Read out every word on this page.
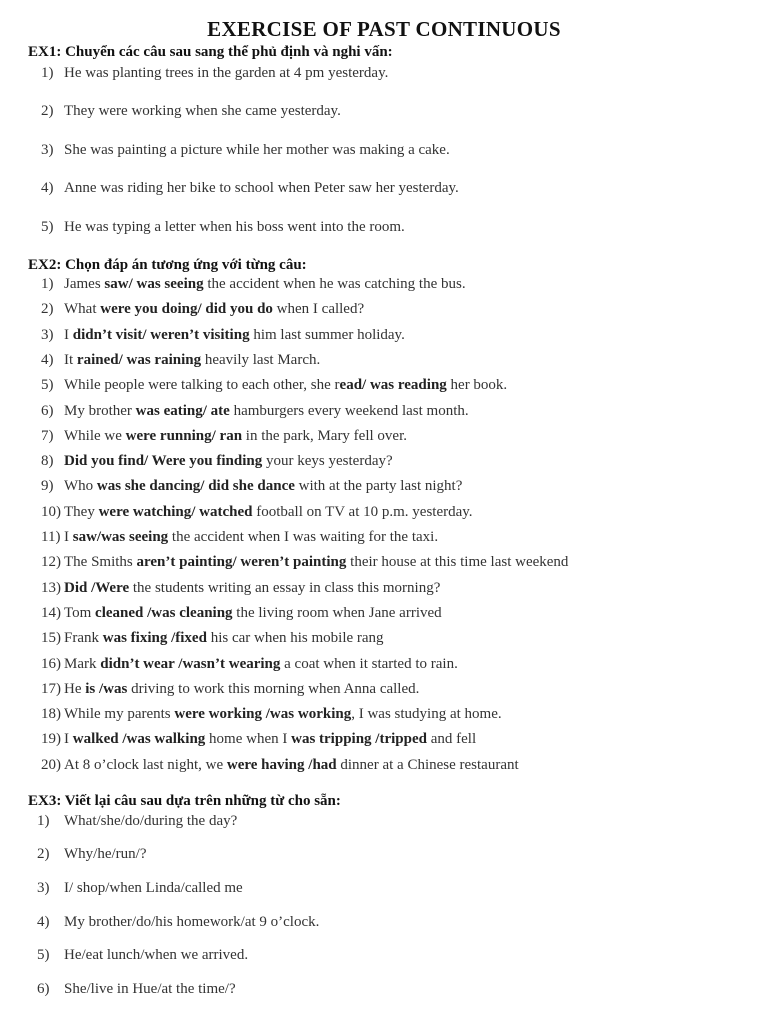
EXERCISE OF PAST CONTINUOUS
EX1: Chuyển các câu sau sang thể phủ định và nghi vấn:
1) He was planting trees in the garden at 4 pm yesterday.
2) They were working when she came yesterday.
3) She was painting a picture while her mother was making a cake.
4) Anne was riding her bike to school when Peter saw her yesterday.
5) He was typing a letter when his boss went into the room.
EX2: Chọn đáp án tương ứng với từng câu:
1) James saw/ was seeing the accident when he was catching the bus.
2) What were you doing/ did you do when I called?
3) I didn’t visit/ weren’t visiting him last summer holiday.
4) It rained/ was raining heavily last March.
5) While people were talking to each other, she read/ was reading her book.
6) My brother was eating/ ate hamburgers every weekend last month.
7) While we were running/ ran in the park, Mary fell over.
8) Did you find/ Were you finding your keys yesterday?
9) Who was she dancing/ did she dance with at the party last night?
10) They were watching/ watched football on TV at 10 p.m. yesterday.
11) I saw/was seeing the accident when I was waiting for the taxi.
12) The Smiths aren’t painting/ weren’t painting their house at this time last weekend
13) Did /Were the students writing an essay in class this morning?
14) Tom cleaned /was cleaning the living room when Jane arrived
15) Frank was fixing /fixed his car when his mobile rang
16) Mark didn’t wear /wasn’t wearing a coat when it started to rain.
17) He is /was driving to work this morning when Anna called.
18) While my parents were working /was working, I was studying at home.
19) I walked /was walking home when I was tripping /tripped and fell
20) At 8 o’clock last night, we were having /had dinner at a Chinese restaurant
EX3: Viết lại câu sau dựa trên những từ cho sẵn:
1) What/she/do/during the day?
2) Why/he/run/?
3) I/ shop/when Linda/called me
4) My brother/do/his homework/at 9 o’clock.
5) He/eat lunch/when we arrived.
6) She/live in Hue/at the time/?
